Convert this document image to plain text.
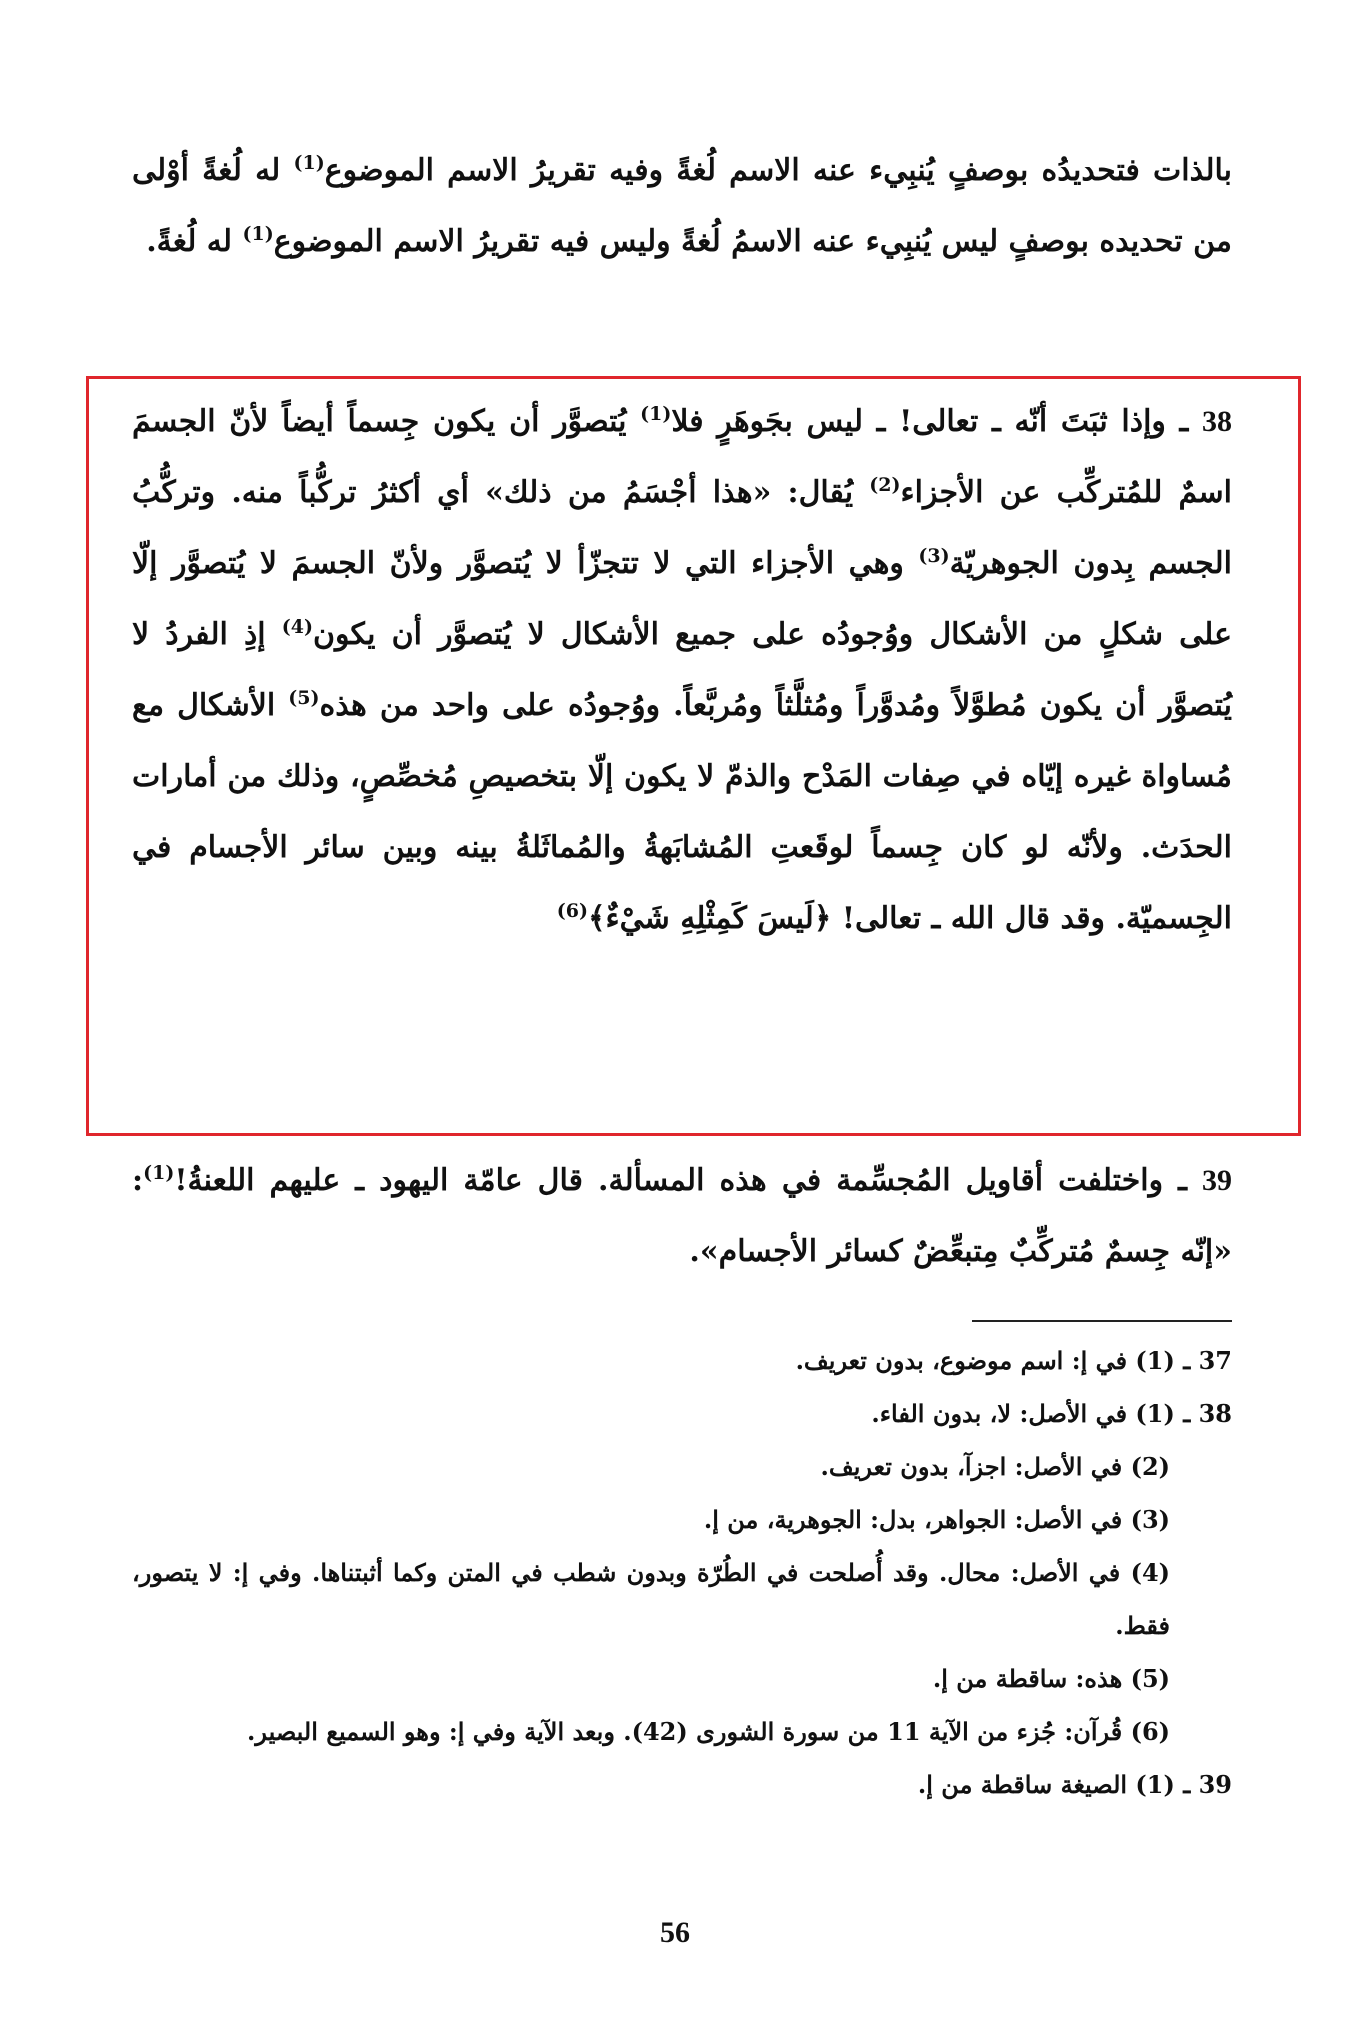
بالذات فتحديدُه بوصفٍ يُنبِيء عنه الاسم لُغةً وفيه تقريرُ الاسم الموضوع$^{(1)}$ له لُغةً أوْلى من تحديده بوصفٍ ليس يُنبِيء عنه الاسمُ لُغةً وليس فيه تقريرُ الاسم الموضوع$^{(1)}$ له لُغةً.

38 ـ وإذا ثبَتَ أنّه ـ تعالى! ـ ليس بجَوهَرٍ فلا$^{(1)}$ يُتصوَّر أن يكون جِسماً أيضاً لأنّ الجسمَ اسمٌ للمُتركِّب عن الأجزاء$^{(2)}$ يُقال: «هذا أجْسَمُ من ذلك» أي أكثرُ تركُّباً منه. وتركُّبُ الجسم بِدون الجوهريّة$^{(3)}$ وهي الأجزاء التي لا تتجزّأ لا يُتصوَّر ولأنّ الجسمَ لا يُتصوَّر إلّا على شكلٍ من الأشكال ووُجودُه على جميع الأشكال لا يُتصوَّر أن يكون$^{(4)}$ إذِ الفردُ لا يُتصوَّر أن يكون مُطوَّلاً ومُدوَّراً ومُثلَّثاً ومُربَّعاً. ووُجودُه على واحد من هذه$^{(5)}$ الأشكال مع مُساواة غيره إيّاه في صِفات المَدْح والذمّ لا يكون إلّا بتخصيصِ مُخصِّصٍ، وذلك من أمارات الحدَث. ولأنّه لو كان جِسماً لوقَعتِ المُشابَهةُ والمُماثَلةُ بينه وبين سائر الأجسام في الجِسميّة. وقد قال الله ـ تعالى! ﴿لَيسَ كَمِثْلِهِ شَيْءٌ﴾$^{(6)}$

39 ـ واختلفت أقاويل المُجسِّمة في هذه المسألة. قال عامّة اليهود ـ عليهم اللعنةُ!$^{(1)}$: «إنّه جِسمٌ مُتركِّبٌ مِتبعِّضٌ كسائر الأجسام».

37 ـ (1) في إ: اسم موضوع، بدون تعريف.

38 ـ (1) في الأصل: لا، بدون الفاء.

(2) في الأصل: اجزآ، بدون تعريف.

(3) في الأصل: الجواهر، بدل: الجوهرية، من إ.

(4) في الأصل: محال. وقد أُصلحت في الطُرّة وبدون شطب في المتن وكما أثبتناها. وفي إ: لا يتصور، فقط.

(5) هذه: ساقطة من إ.

(6) قُرآن: جُزء من الآية 11 من سورة الشورى (42). وبعد الآية وفي إ: وهو السميع البصير.

39 ـ (1) الصيغة ساقطة من إ.

56
